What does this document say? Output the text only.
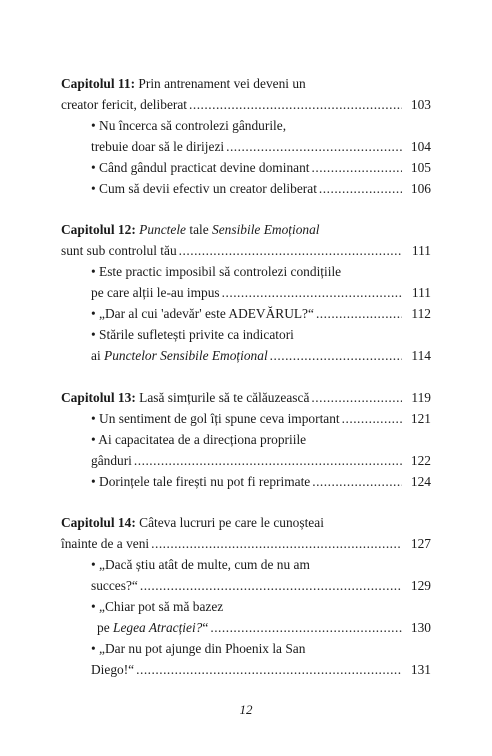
Capitolul 11: Prin antrenament vei deveni un
creator fericit, deliberat .....	103
• Nu încerca să controlezi gândurile,
trebuie doar să le dirijezi .....	104
• Când gândul practicat devine dominant .....	105
• Cum să devii efectiv un creator deliberat .....	106
Capitolul 12: Punctele tale Sensibile Emoțional
sunt sub controlul tău .....	111
• Este practic imposibil să controlezi condițiile
pe care alții le-au impus .....	111
• „Dar al cui 'adevăr' este ADEVĂRUL?“ .....	112
• Stările sufletești privite ca indicatori
ai Punctelor Sensibile Emoțional .....	114
Capitolul 13: Lasă simțurile să te călăuzească .....	119
• Un sentiment de gol îți spune ceva important .....	121
• Ai capacitatea de a direcționa propriile
gânduri .....	122
• Dorințele tale firești nu pot fi reprimate .....	124
Capitolul 14: Câteva lucruri pe care le cunoșteai
înainte de a veni .....	127
• „Dacă știu atât de multe, cum de nu am
succes?“ .....	129
• „Chiar pot să mă bazez
pe Legea Atracției?“ .....	130
• „Dar nu pot ajunge din Phoenix la San
Diego!“ .....	131
12
